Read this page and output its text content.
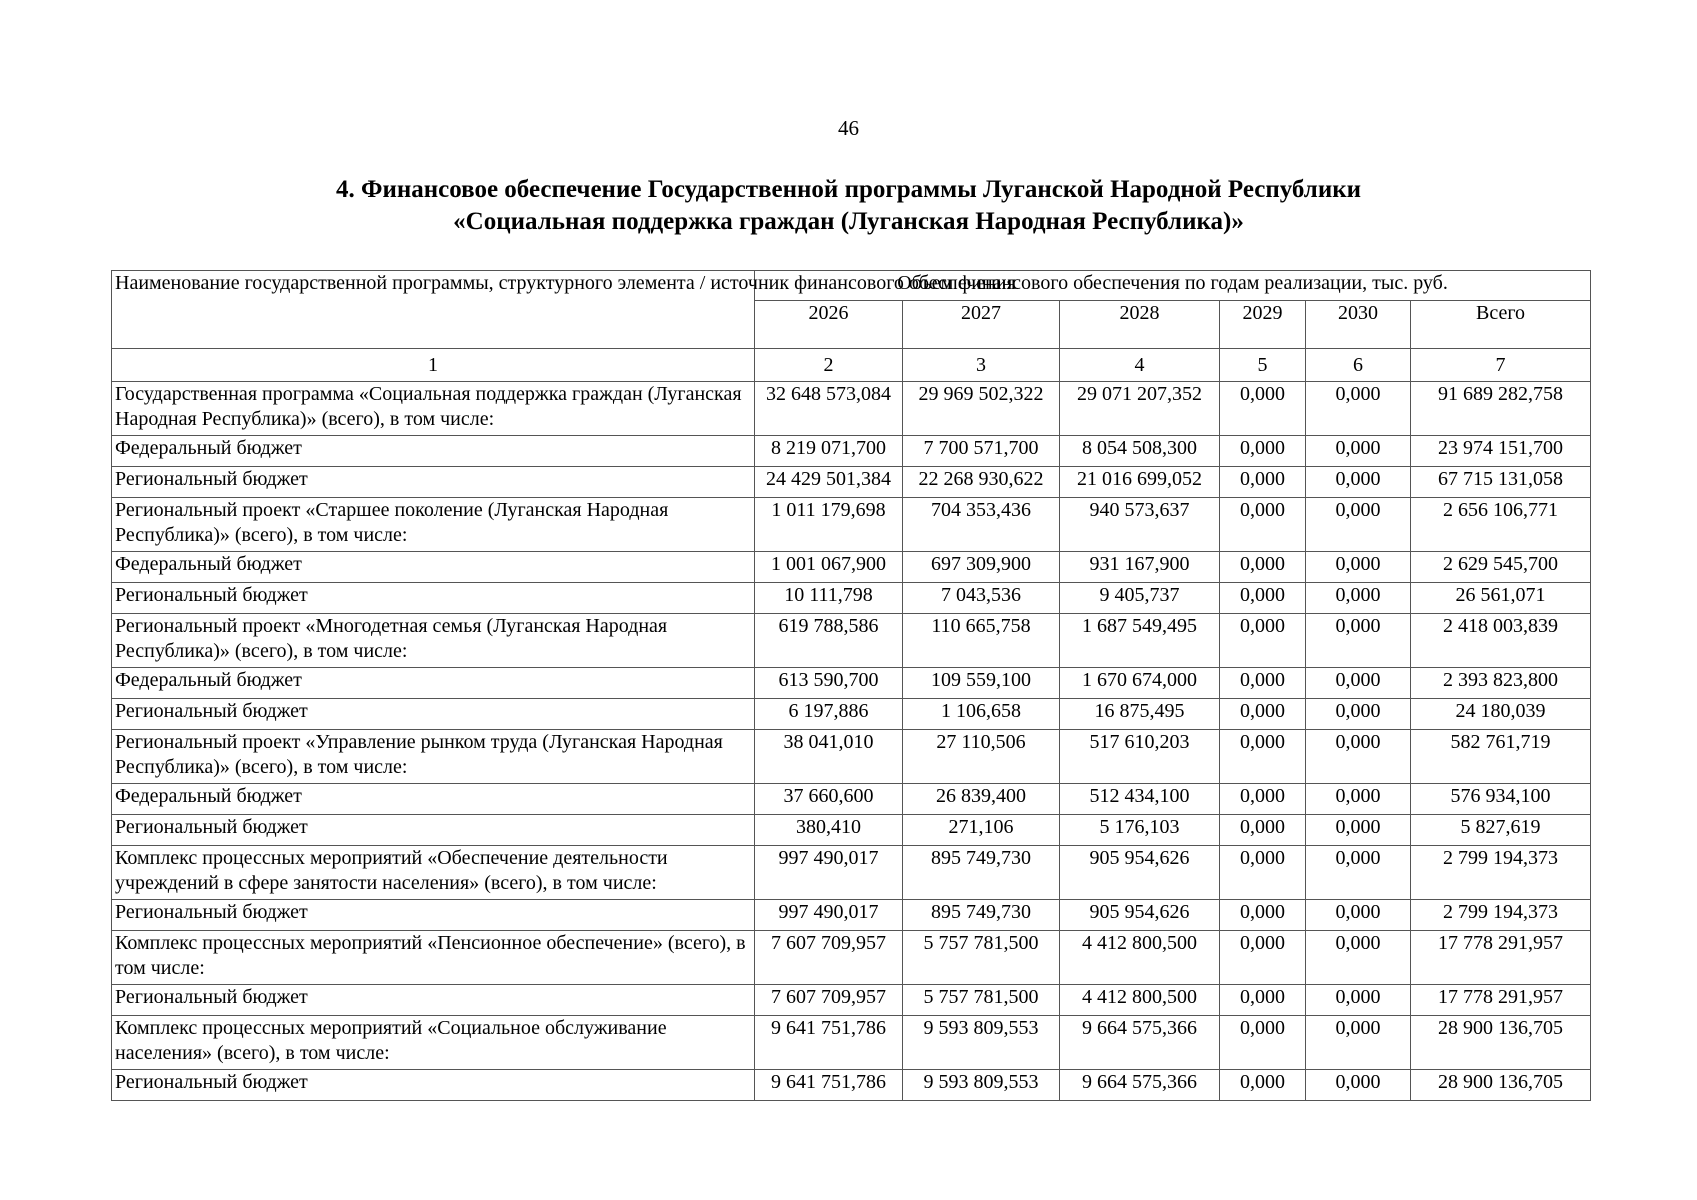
46
4. Финансовое обеспечение Государственной программы Луганской Народной Республики
«Социальная поддержка граждан (Луганская Народная Республика)»
Наименование государственной программы, структурного элемента / источник финансового обеспечения	Объем финансового обеспечения по годам реализации, тыс. руб.					
	2026	2027	2028	2029	2030	Всего
1	2	3	4	5	6	7
Государственная программа «Социальная поддержка граждан (Луганская Народная Республика)» (всего), в том числе:	32 648 573,084	29 969 502,322	29 071 207,352	0,000	0,000	91 689 282,758
Федеральный бюджет	8 219 071,700	7 700 571,700	8 054 508,300	0,000	0,000	23 974 151,700
Региональный бюджет	24 429 501,384	22 268 930,622	21 016 699,052	0,000	0,000	67 715 131,058
Региональный проект «Старшее поколение (Луганская Народная Республика)» (всего), в том числе:	1 011 179,698	704 353,436	940 573,637	0,000	0,000	2 656 106,771
Федеральный бюджет	1 001 067,900	697 309,900	931 167,900	0,000	0,000	2 629 545,700
Региональный бюджет	10 111,798	7 043,536	9 405,737	0,000	0,000	26 561,071
Региональный проект «Многодетная семья (Луганская Народная Республика)» (всего), в том числе:	619 788,586	110 665,758	1 687 549,495	0,000	0,000	2 418 003,839
Федеральный бюджет	613 590,700	109 559,100	1 670 674,000	0,000	0,000	2 393 823,800
Региональный бюджет	6 197,886	1 106,658	16 875,495	0,000	0,000	24 180,039
Региональный проект «Управление рынком труда (Луганская Народная Республика)» (всего), в том числе:	38 041,010	27 110,506	517 610,203	0,000	0,000	582 761,719
Федеральный бюджет	37 660,600	26 839,400	512 434,100	0,000	0,000	576 934,100
Региональный бюджет	380,410	271,106	5 176,103	0,000	0,000	5 827,619
Комплекс процессных мероприятий «Обеспечение деятельности учреждений в сфере занятости населения» (всего), в том числе:	997 490,017	895 749,730	905 954,626	0,000	0,000	2 799 194,373
Региональный бюджет	997 490,017	895 749,730	905 954,626	0,000	0,000	2 799 194,373
Комплекс процессных мероприятий «Пенсионное обеспечение» (всего), в том числе:	7 607 709,957	5 757 781,500	4 412 800,500	0,000	0,000	17 778 291,957
Региональный бюджет	7 607 709,957	5 757 781,500	4 412 800,500	0,000	0,000	17 778 291,957
Комплекс процессных мероприятий «Социальное обслуживание населения» (всего), в том числе:	9 641 751,786	9 593 809,553	9 664 575,366	0,000	0,000	28 900 136,705
Региональный бюджет	9 641 751,786	9 593 809,553	9 664 575,366	0,000	0,000	28 900 136,705
